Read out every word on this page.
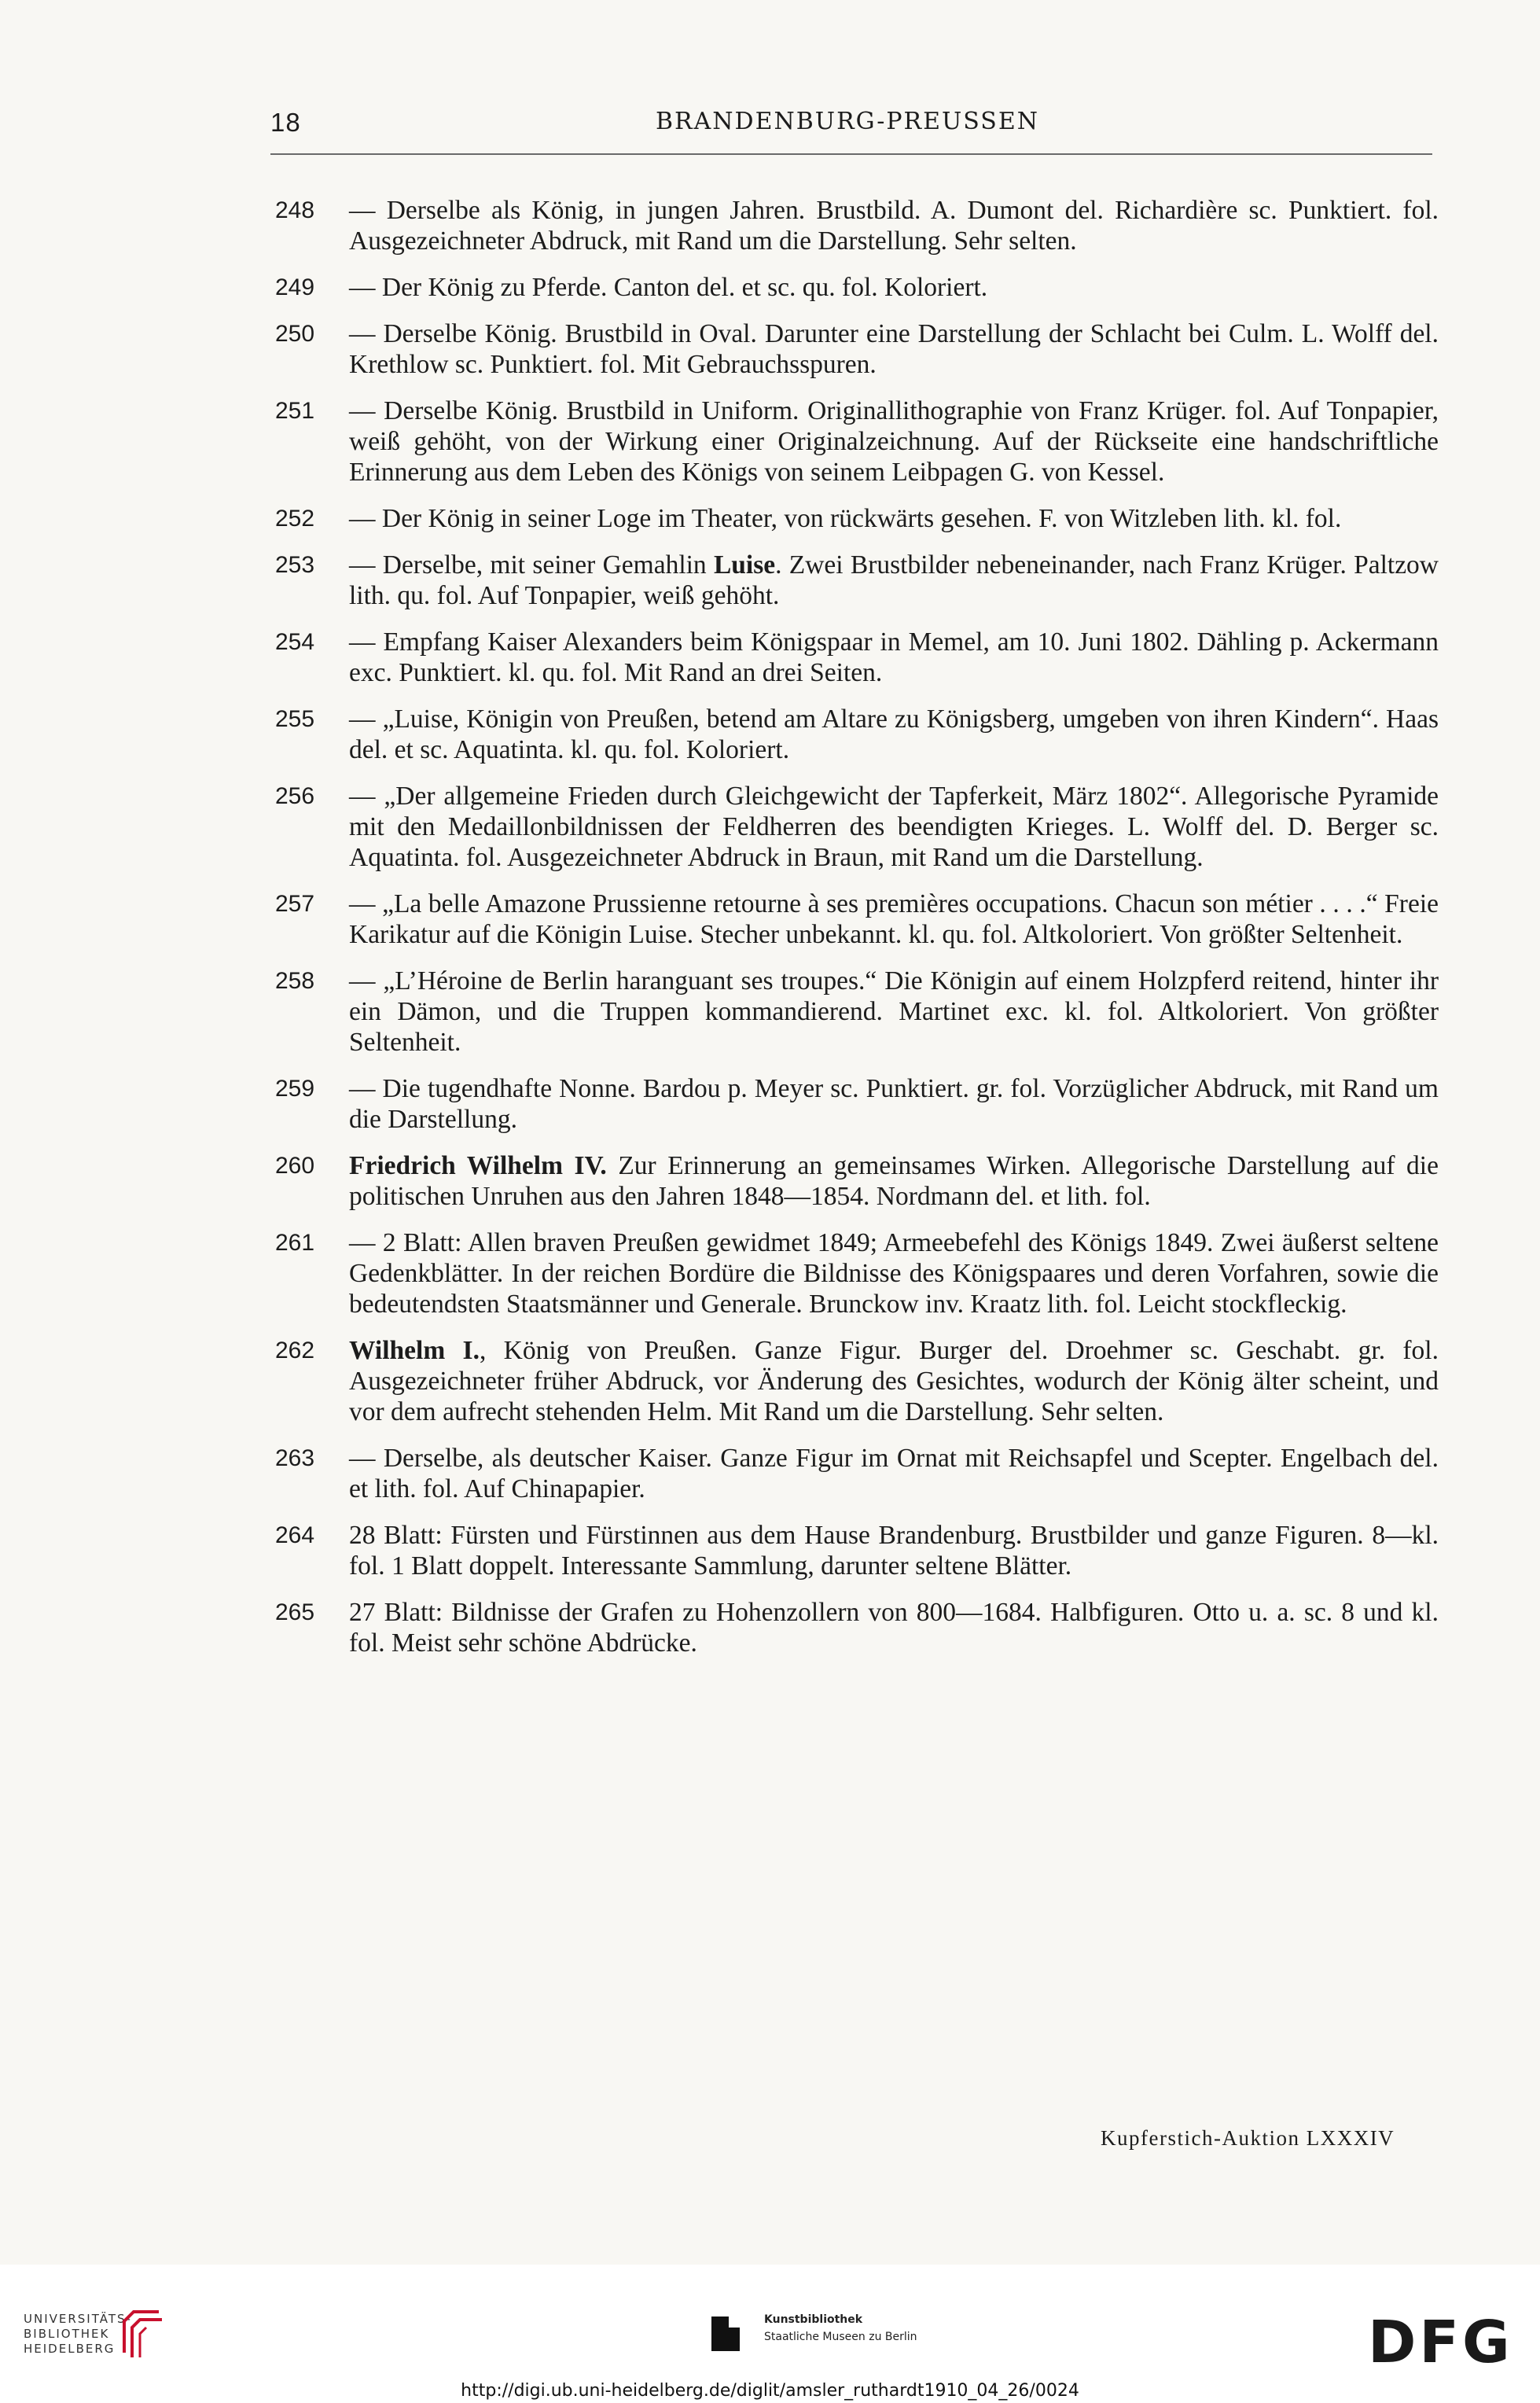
18	BRANDENBURG-PREUSSEN
248 — Derselbe als König, in jungen Jahren. Brustbild. A. Dumont del. Richardière sc. Punktiert. fol. Ausgezeichneter Abdruck, mit Rand um die Darstellung. Sehr selten.
249 — Der König zu Pferde. Canton del. et sc. qu. fol. Koloriert.
250 — Derselbe König. Brustbild in Oval. Darunter eine Darstellung der Schlacht bei Culm. L. Wolff del. Krethlow sc. Punktiert. fol. Mit Gebrauchsspuren.
251 — Derselbe König. Brustbild in Uniform. Originallithographie von Franz Krüger. fol. Auf Tonpapier, weiß gehöht, von der Wirkung einer Originalzeichnung. Auf der Rückseite eine handschriftliche Erinnerung aus dem Leben des Königs von seinem Leibpagen G. von Kessel.
252 — Der König in seiner Loge im Theater, von rückwärts gesehen. F. von Witzleben lith. kl. fol.
253 — Derselbe, mit seiner Gemahlin Luise. Zwei Brustbilder nebeneinander, nach Franz Krüger. Paltzow lith. qu. fol. Auf Tonpapier, weiß gehöht.
254 — Empfang Kaiser Alexanders beim Königspaar in Memel, am 10. Juni 1802. Dähling p. Ackermann exc. Punktiert. kl. qu. fol. Mit Rand an drei Seiten.
255 — „Luise, Königin von Preußen, betend am Altare zu Königsberg, umgeben von ihren Kindern“. Haas del. et sc. Aquatinta. kl. qu. fol. Koloriert.
256 — „Der allgemeine Frieden durch Gleichgewicht der Tapferkeit, März 1802“. Allegorische Pyramide mit den Medaillonbildnissen der Feldherren des beendigten Krieges. L. Wolff del. D. Berger sc. Aquatinta. fol. Ausgezeichneter Abdruck in Braun, mit Rand um die Darstellung.
257 — „La belle Amazone Prussienne retourne à ses premières occupations. Chacun son métier . . . .“ Freie Karikatur auf die Königin Luise. Stecher unbekannt. kl. qu. fol. Altkoloriert. Von größter Seltenheit.
258 — „L’Héroine de Berlin haranguant ses troupes.“ Die Königin auf einem Holzpferd reitend, hinter ihr ein Dämon, und die Truppen kommandierend. Martinet exc. kl. fol. Altkoloriert. Von größter Seltenheit.
259 — Die tugendhafte Nonne. Bardou p. Meyer sc. Punktiert. gr. fol. Vorzüglicher Abdruck, mit Rand um die Darstellung.
260 Friedrich Wilhelm IV. Zur Erinnerung an gemeinsames Wirken. Allegorische Darstellung auf die politischen Unruhen aus den Jahren 1848—1854. Nordmann del. et lith. fol.
261 — 2 Blatt: Allen braven Preußen gewidmet 1849; Armeebefehl des Königs 1849. Zwei äußerst seltene Gedenkblätter. In der reichen Bordüre die Bildnisse des Königspaares und deren Vorfahren, sowie die bedeutendsten Staatsmänner und Generale. Brunckow inv. Kraatz lith. fol. Leicht stockfleckig.
262 Wilhelm I., König von Preußen. Ganze Figur. Burger del. Droehmer sc. Geschabt. gr. fol. Ausgezeichneter früher Abdruck, vor Änderung des Gesichtes, wodurch der König älter scheint, und vor dem aufrecht stehenden Helm. Mit Rand um die Darstellung. Sehr selten.
263 — Derselbe, als deutscher Kaiser. Ganze Figur im Ornat mit Reichsapfel und Scepter. Engelbach del. et lith. fol. Auf Chinapapier.
264 28 Blatt: Fürsten und Fürstinnen aus dem Hause Brandenburg. Brustbilder und ganze Figuren. 8—kl. fol. 1 Blatt doppelt. Interessante Sammlung, darunter seltene Blätter.
265 27 Blatt: Bildnisse der Grafen zu Hohenzollern von 800—1684. Halbfiguren. Otto u. a. sc. 8 und kl. fol. Meist sehr schöne Abdrücke.
Kupferstich-Auktion LXXXIV
UNIVERSITÄTS-
BIBLIOTHEK
HEIDELBERG
Kunstbibliothek
Staatliche Museen zu Berlin	DFG
http://digi.ub.uni-heidelberg.de/diglit/amsler_ruthardt1910_04_26/0024
